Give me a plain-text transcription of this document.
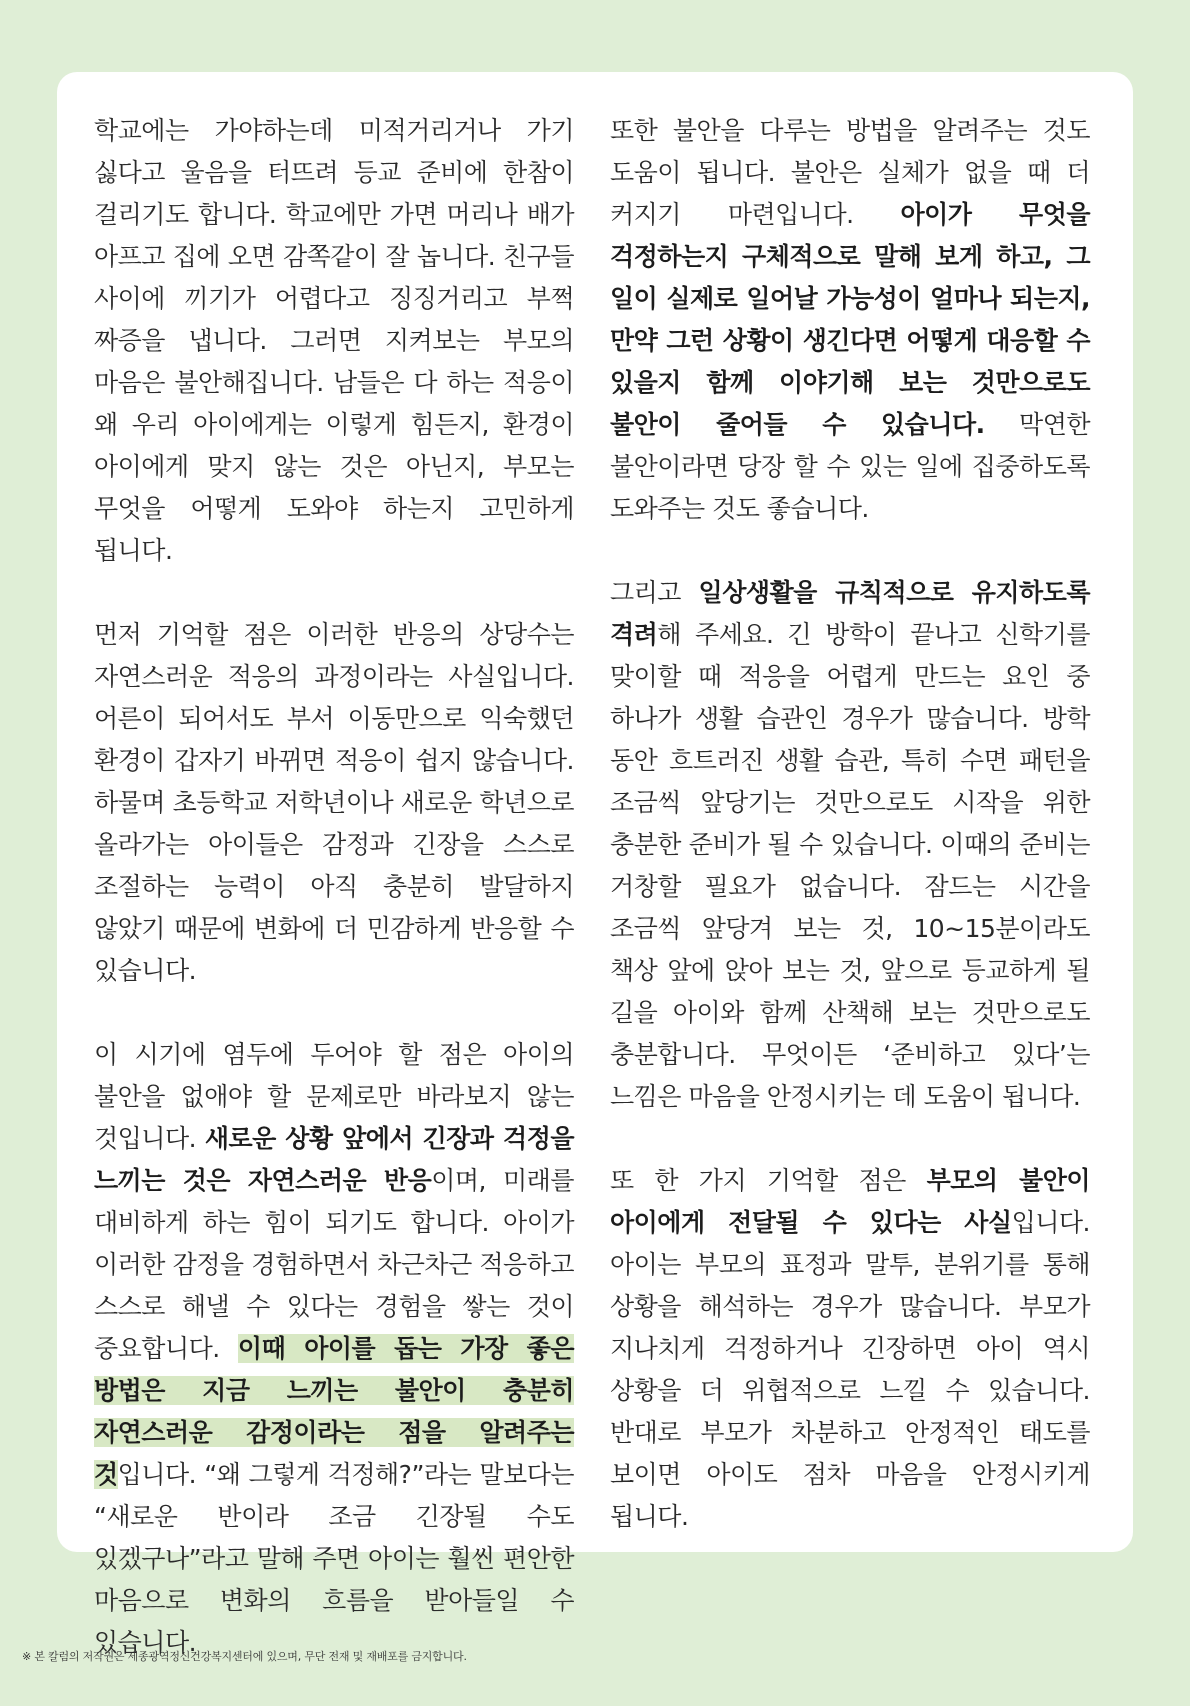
학교에는 가야하는데 미적거리거나 가기 싫다고 울음을 터뜨려 등교 준비에 한참이 걸리기도 합니다. 학교에만 가면 머리나 배가 아프고 집에 오면 감쪽같이 잘 놉니다. 친구들 사이에 끼기가 어렵다고 징징거리고 부쩍 짜증을 냅니다. 그러면 지켜보는 부모의 마음은 불안해집니다. 남들은 다 하는 적응이 왜 우리 아이에게는 이렇게 힘든지, 환경이 아이에게 맞지 않는 것은 아닌지, 부모는 무엇을 어떻게 도와야 하는지 고민하게 됩니다.

먼저 기억할 점은 이러한 반응의 상당수는 자연스러운 적응의 과정이라는 사실입니다. 어른이 되어서도 부서 이동만으로 익숙했던 환경이 갑자기 바뀌면 적응이 쉽지 않습니다. 하물며 초등학교 저학년이나 새로운 학년으로 올라가는 아이들은 감정과 긴장을 스스로 조절하는 능력이 아직 충분히 발달하지 않았기 때문에 변화에 더 민감하게 반응할 수 있습니다.

이 시기에 염두에 두어야 할 점은 아이의 불안을 없애야 할 문제로만 바라보지 않는 것입니다. 새로운 상황 앞에서 긴장과 걱정을 느끼는 것은 자연스러운 반응이며, 미래를 대비하게 하는 힘이 되기도 합니다. 아이가 이러한 감정을 경험하면서 차근차근 적응하고 스스로 해낼 수 있다는 경험을 쌓는 것이 중요합니다. 이때 아이를 돕는 가장 좋은 방법은 지금 느끼는 불안이 충분히 자연스러운 감정이라는 점을 알려주는 것입니다. “왜 그렇게 걱정해?”라는 말보다는 “새로운 반이라 조금 긴장될 수도 있겠구나”라고 말해 주면 아이는 훨씬 편안한 마음으로 변화의 흐름을 받아들일 수 있습니다.

또한 불안을 다루는 방법을 알려주는 것도 도움이 됩니다. 불안은 실체가 없을 때 더 커지기 마련입니다. 아이가 무엇을 걱정하는지 구체적으로 말해 보게 하고, 그 일이 실제로 일어날 가능성이 얼마나 되는지, 만약 그런 상황이 생긴다면 어떻게 대응할 수 있을지 함께 이야기해 보는 것만으로도 불안이 줄어들 수 있습니다. 막연한 불안이라면 당장 할 수 있는 일에 집중하도록 도와주는 것도 좋습니다.

그리고 일상생활을 규칙적으로 유지하도록 격려해 주세요. 긴 방학이 끝나고 신학기를 맞이할 때 적응을 어렵게 만드는 요인 중 하나가 생활 습관인 경우가 많습니다. 방학 동안 흐트러진 생활 습관, 특히 수면 패턴을 조금씩 앞당기는 것만으로도 시작을 위한 충분한 준비가 될 수 있습니다. 이때의 준비는 거창할 필요가 없습니다. 잠드는 시간을 조금씩 앞당겨 보는 것, 10~15분이라도 책상 앞에 앉아 보는 것, 앞으로 등교하게 될 길을 아이와 함께 산책해 보는 것만으로도 충분합니다. 무엇이든 ‘준비하고 있다’는 느낌은 마음을 안정시키는 데 도움이 됩니다.

또 한 가지 기억할 점은 부모의 불안이 아이에게 전달될 수 있다는 사실입니다. 아이는 부모의 표정과 말투, 분위기를 통해 상황을 해석하는 경우가 많습니다. 부모가 지나치게 걱정하거나 긴장하면 아이 역시 상황을 더 위협적으로 느낄 수 있습니다. 반대로 부모가 차분하고 안정적인 태도를 보이면 아이도 점차 마음을 안정시키게 됩니다.

※ 본 칼럼의 저작권은 세종광역정신건강복지센터에 있으며, 무단 전재 및 재배포를 금지합니다.
